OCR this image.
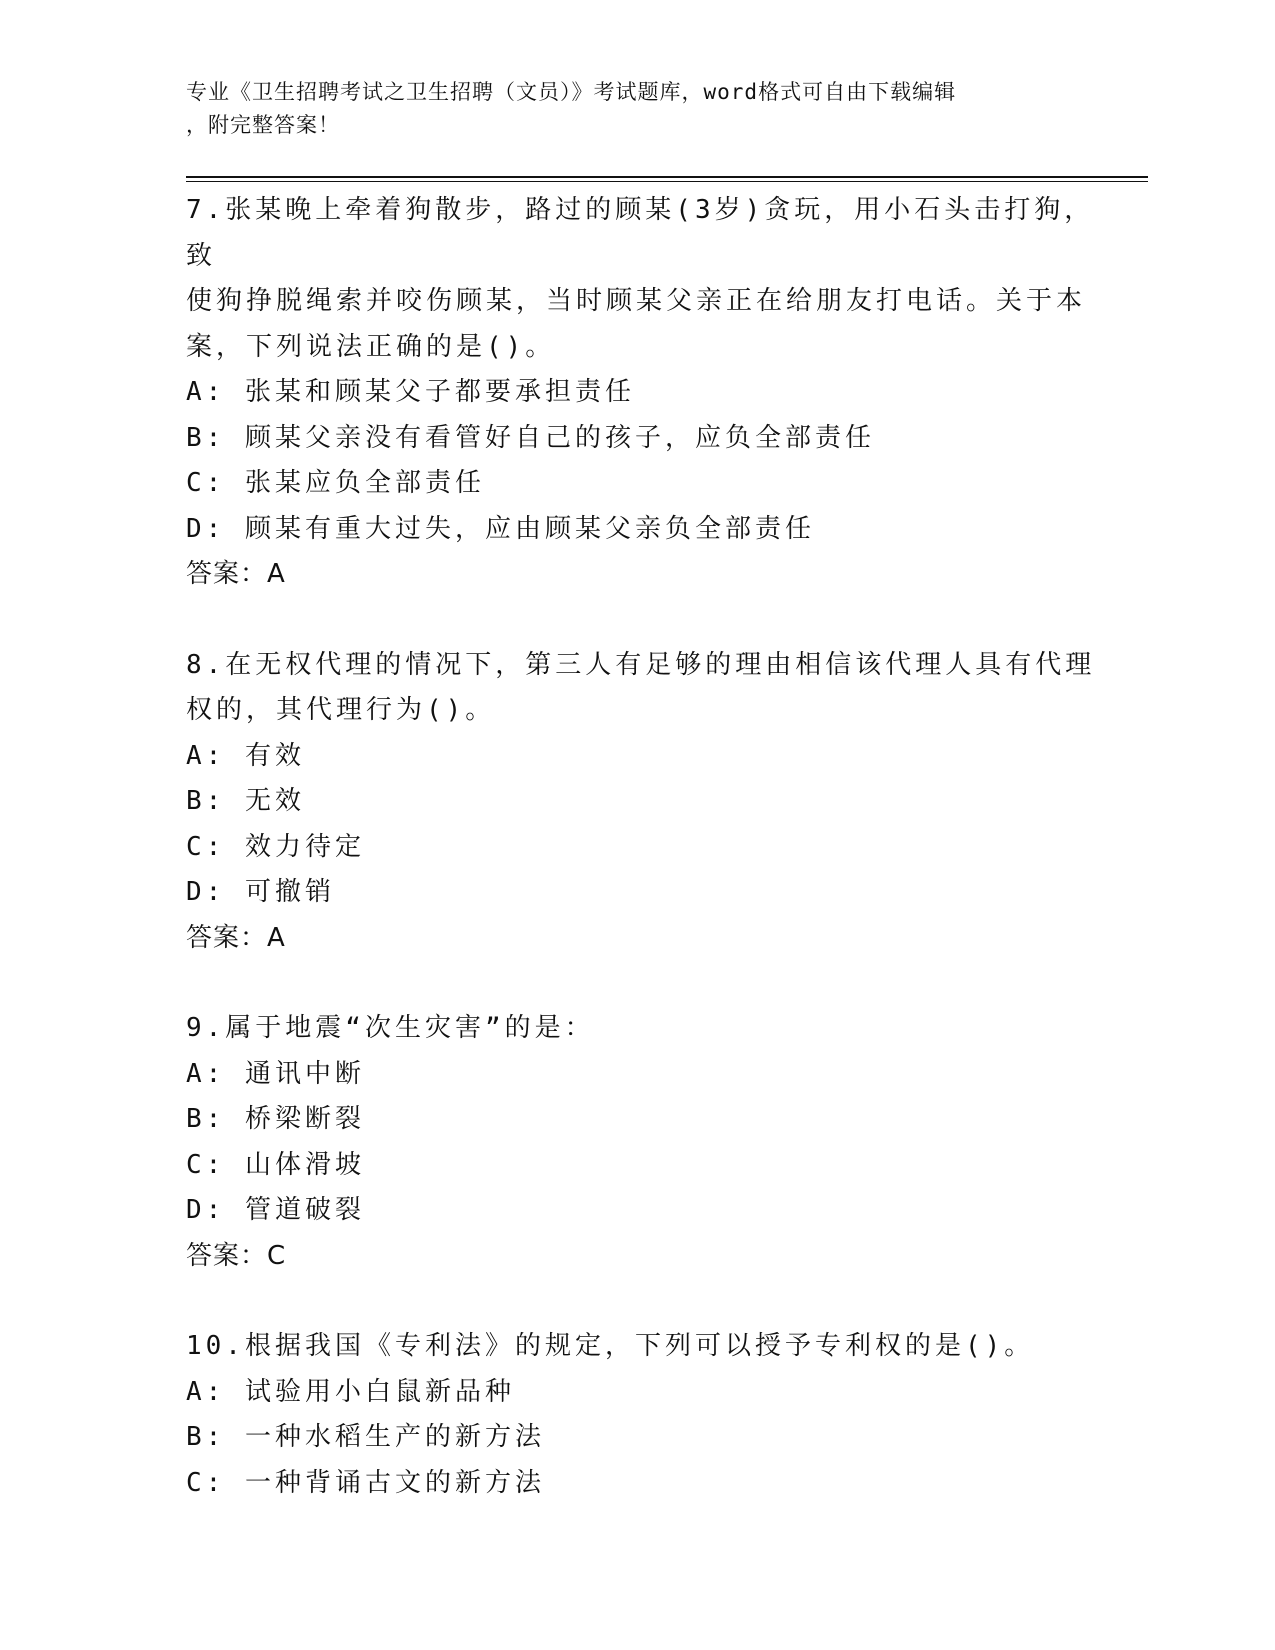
专业《卫生招聘考试之卫生招聘（文员）》考试题库，word格式可自由下载编辑
，附完整答案！

7.张某晚上牵着狗散步，路过的顾某(3岁)贪玩，用小石头击打狗，致

使狗挣脱绳索并咬伤顾某，当时顾某父亲正在给朋友打电话。关于本

案，下列说法正确的是()。

A: 张某和顾某父子都要承担责任

B: 顾某父亲没有看管好自己的孩子，应负全部责任

C: 张某应负全部责任

D: 顾某有重大过失，应由顾某父亲负全部责任

答案：A

8.在无权代理的情况下，第三人有足够的理由相信该代理人具有代理

权的，其代理行为()。

A: 有效

B: 无效

C: 效力待定

D: 可撤销

答案：A

9.属于地震“次生灾害”的是：

A: 通讯中断

B: 桥梁断裂

C: 山体滑坡

D: 管道破裂

答案：C

10.根据我国《专利法》的规定，下列可以授予专利权的是()。

A: 试验用小白鼠新品种

B: 一种水稻生产的新方法

C: 一种背诵古文的新方法
